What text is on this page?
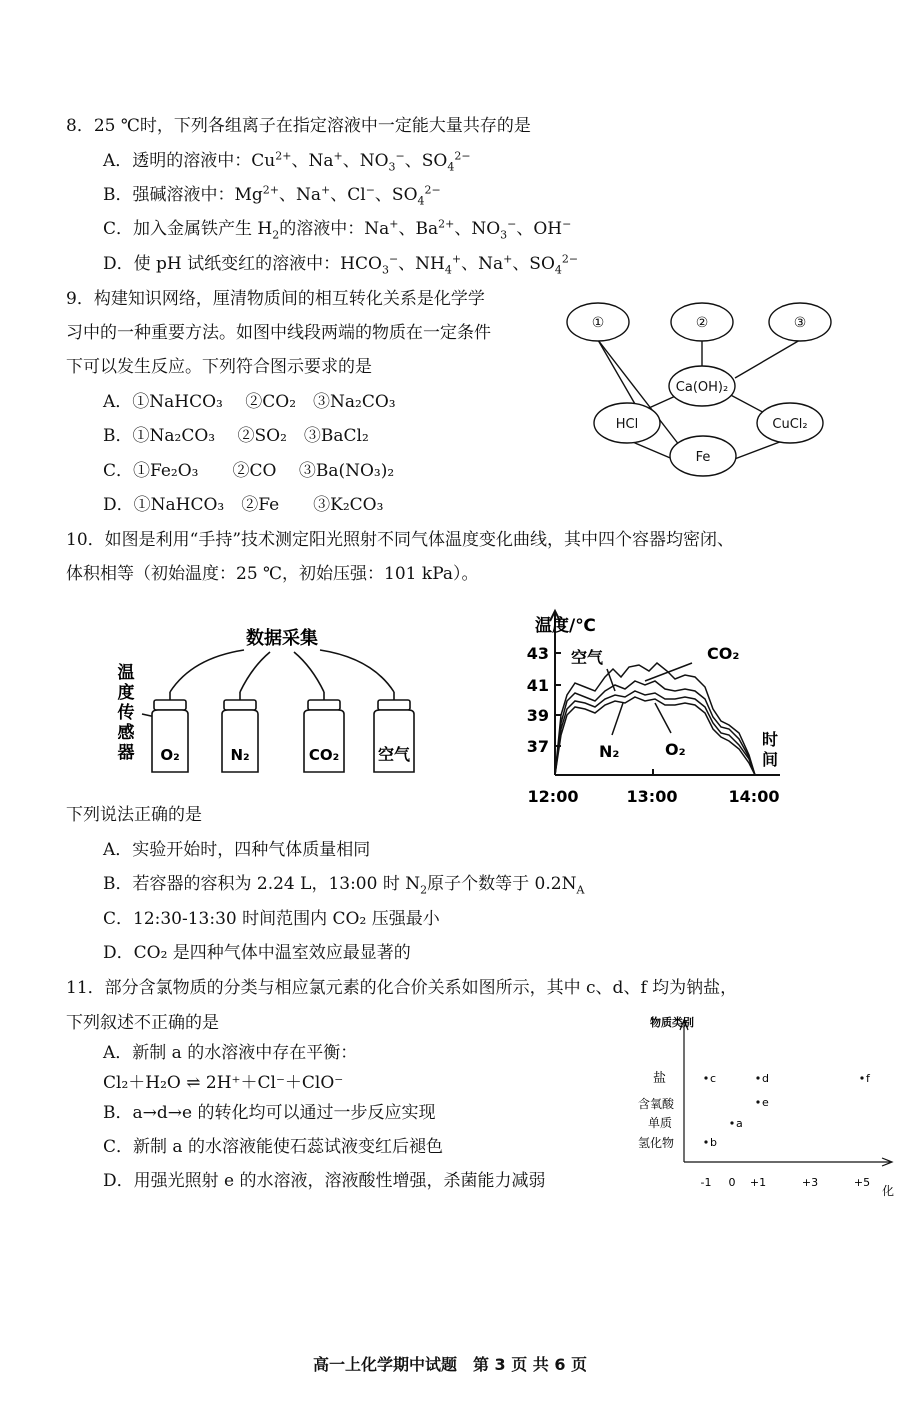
8．25 ℃时，下列各组离子在指定溶液中一定能大量共存的是
A．透明的溶液中：$Cu^{2+}$、Na+、$NO_3^-$、$SO_4^{2-}$
B．强碱溶液中：$Mg^{2+}$、Na+、Cl−、$SO_4^{2-}$
C．加入金属铁产生 $H_2$的溶液中：Na+、$Ba^{2+}$、$NO_3^-$、OH−
D．使 pH 试纸变红的溶液中：$HCO_3^-$、$NH_4^+$、Na+、$SO_4^{2-}$
9．构建知识网络，厘清物质间的相互转化关系是化学学
习中的一种重要方法。如图中线段两端的物质在一定条件
下可以发生反应。下列符合图示要求的是
A．①NaHCO₃　 ②CO₂　③Na₂CO₃
B．①Na₂CO₃　 ②SO₂　③BaCl₂
C．①Fe₂O₃　　②CO　 ③Ba(NO₃)₂
D．①NaHCO₃　②Fe　　③K₂CO₃
①	②	③
Ca(OH)₂
HCl	CuCl₂
Fe
10．如图是利用“手持”技术测定阳光照射不同气体温度变化曲线，其中四个容器均密闭、
体积相等（初始温度：25 ℃，初始压强：101 kPa）。
数据采集
O₂	N₂	CO₂ 空气
温
度
传
感
器
温度/℃
43
41
39
37
12:00	13:00	14:00
时
间
CO₂
空气
N₂	O₂
下列说法正确的是
A．实验开始时，四种气体质量相同
B．若容器的容积为 2.24 L，13:00 时 $N_2$原子个数等于 $0.2N_A$
C．12:30-13:30 时间范围内 CO₂ 压强最小
D．CO₂ 是四种气体中温室效应最显著的
11．部分含氯物质的分类与相应氯元素的化合价关系如图所示，其中 c、d、f 均为钠盐，
下列叙述不正确的是
A．新制 a 的水溶液中存在平衡：
Cl₂＋H₂O ⇌ 2H⁺＋Cl⁻＋ClO⁻
B．a→d→e 的转化均可以通过一步反应实现
C．新制 a 的水溶液能使石蕊试液变红后褪色
D．用强光照射 e 的水溶液，溶液酸性增强，杀菌能力减弱
物质类别
盐
含氧酸
单质
氢化物
-1 0 +1	+3	+5
化
c	d	f
e
a
b
高一上化学期中试题　第 3 页 共 6 页
